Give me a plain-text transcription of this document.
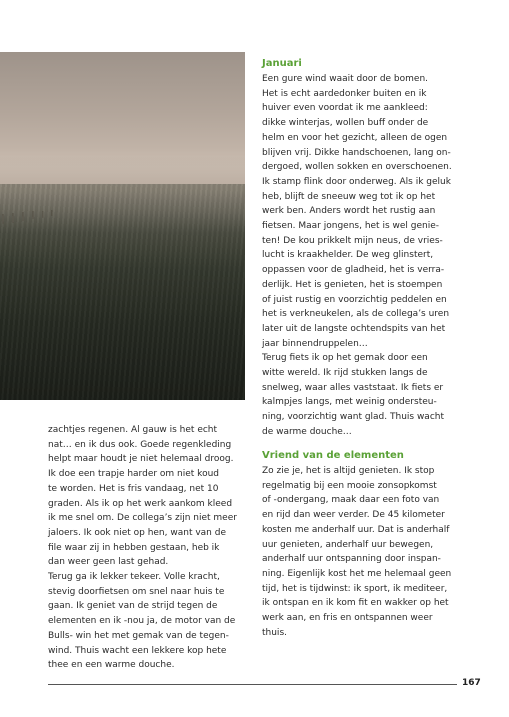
Januari

Een gure wind waait door de bomen.
Het is echt aardedonker buiten en ik
huiver even voordat ik me aankleed:
dikke winterjas, wollen buff onder de
helm en voor het gezicht, alleen de ogen
blijven vrij. Dikke handschoenen, lang on-
dergoed, wollen sokken en overschoenen.
Ik stamp flink door onderweg. Als ik geluk
heb, blijft de sneeuw weg tot ik op het
werk ben. Anders wordt het rustig aan
fietsen. Maar jongens, het is wel genie-
ten! De kou prikkelt mijn neus, de vries-
lucht is kraakhelder. De weg glinstert,
oppassen voor de gladheid, het is verra-
derlijk. Het is genieten, het is stoempen
of juist rustig en voorzichtig peddelen en
het is verkneukelen, als de collega’s uren
later uit de langste ochtendspits van het
jaar binnendruppelen…
Terug fiets ik op het gemak door een
witte wereld. Ik rijd stukken langs de
snelweg, waar alles vaststaat. Ik fiets er
kalmpjes langs, met weinig ondersteu-
ning, voorzichtig want glad. Thuis wacht
de warme douche…

Vriend van de elementen

Zo zie je, het is altijd genieten. Ik stop
regelmatig bij een mooie zonsopkomst
of -ondergang, maak daar een foto van
en rijd dan weer verder. De 45 kilometer
kosten me anderhalf uur. Dat is anderhalf
uur genieten, anderhalf uur bewegen,
anderhalf uur ontspanning door inspan-
ning. Eigenlijk kost het me helemaal geen
tijd, het is tijdwinst: ik sport, ik mediteer,
ik ontspan en ik kom fit en wakker op het
werk aan, en fris en ontspannen weer
thuis.

zachtjes regenen. Al gauw is het echt
nat… en ik dus ook. Goede regenkleding
helpt maar houdt je niet helemaal droog.
Ik doe een trapje harder om niet koud
te worden. Het is fris vandaag, net 10
graden. Als ik op het werk aankom kleed
ik me snel om. De collega’s zijn niet meer
jaloers. Ik ook niet op hen, want van de
file waar zij in hebben gestaan, heb ik
dan weer geen last gehad.
Terug ga ik lekker tekeer. Volle kracht,
stevig doorfietsen om snel naar huis te
gaan. Ik geniet van de strijd tegen de
elementen en ik -nou ja, de motor van de
Bulls- win het met gemak van de tegen-
wind. Thuis wacht een lekkere kop hete
thee en een warme douche.

167
